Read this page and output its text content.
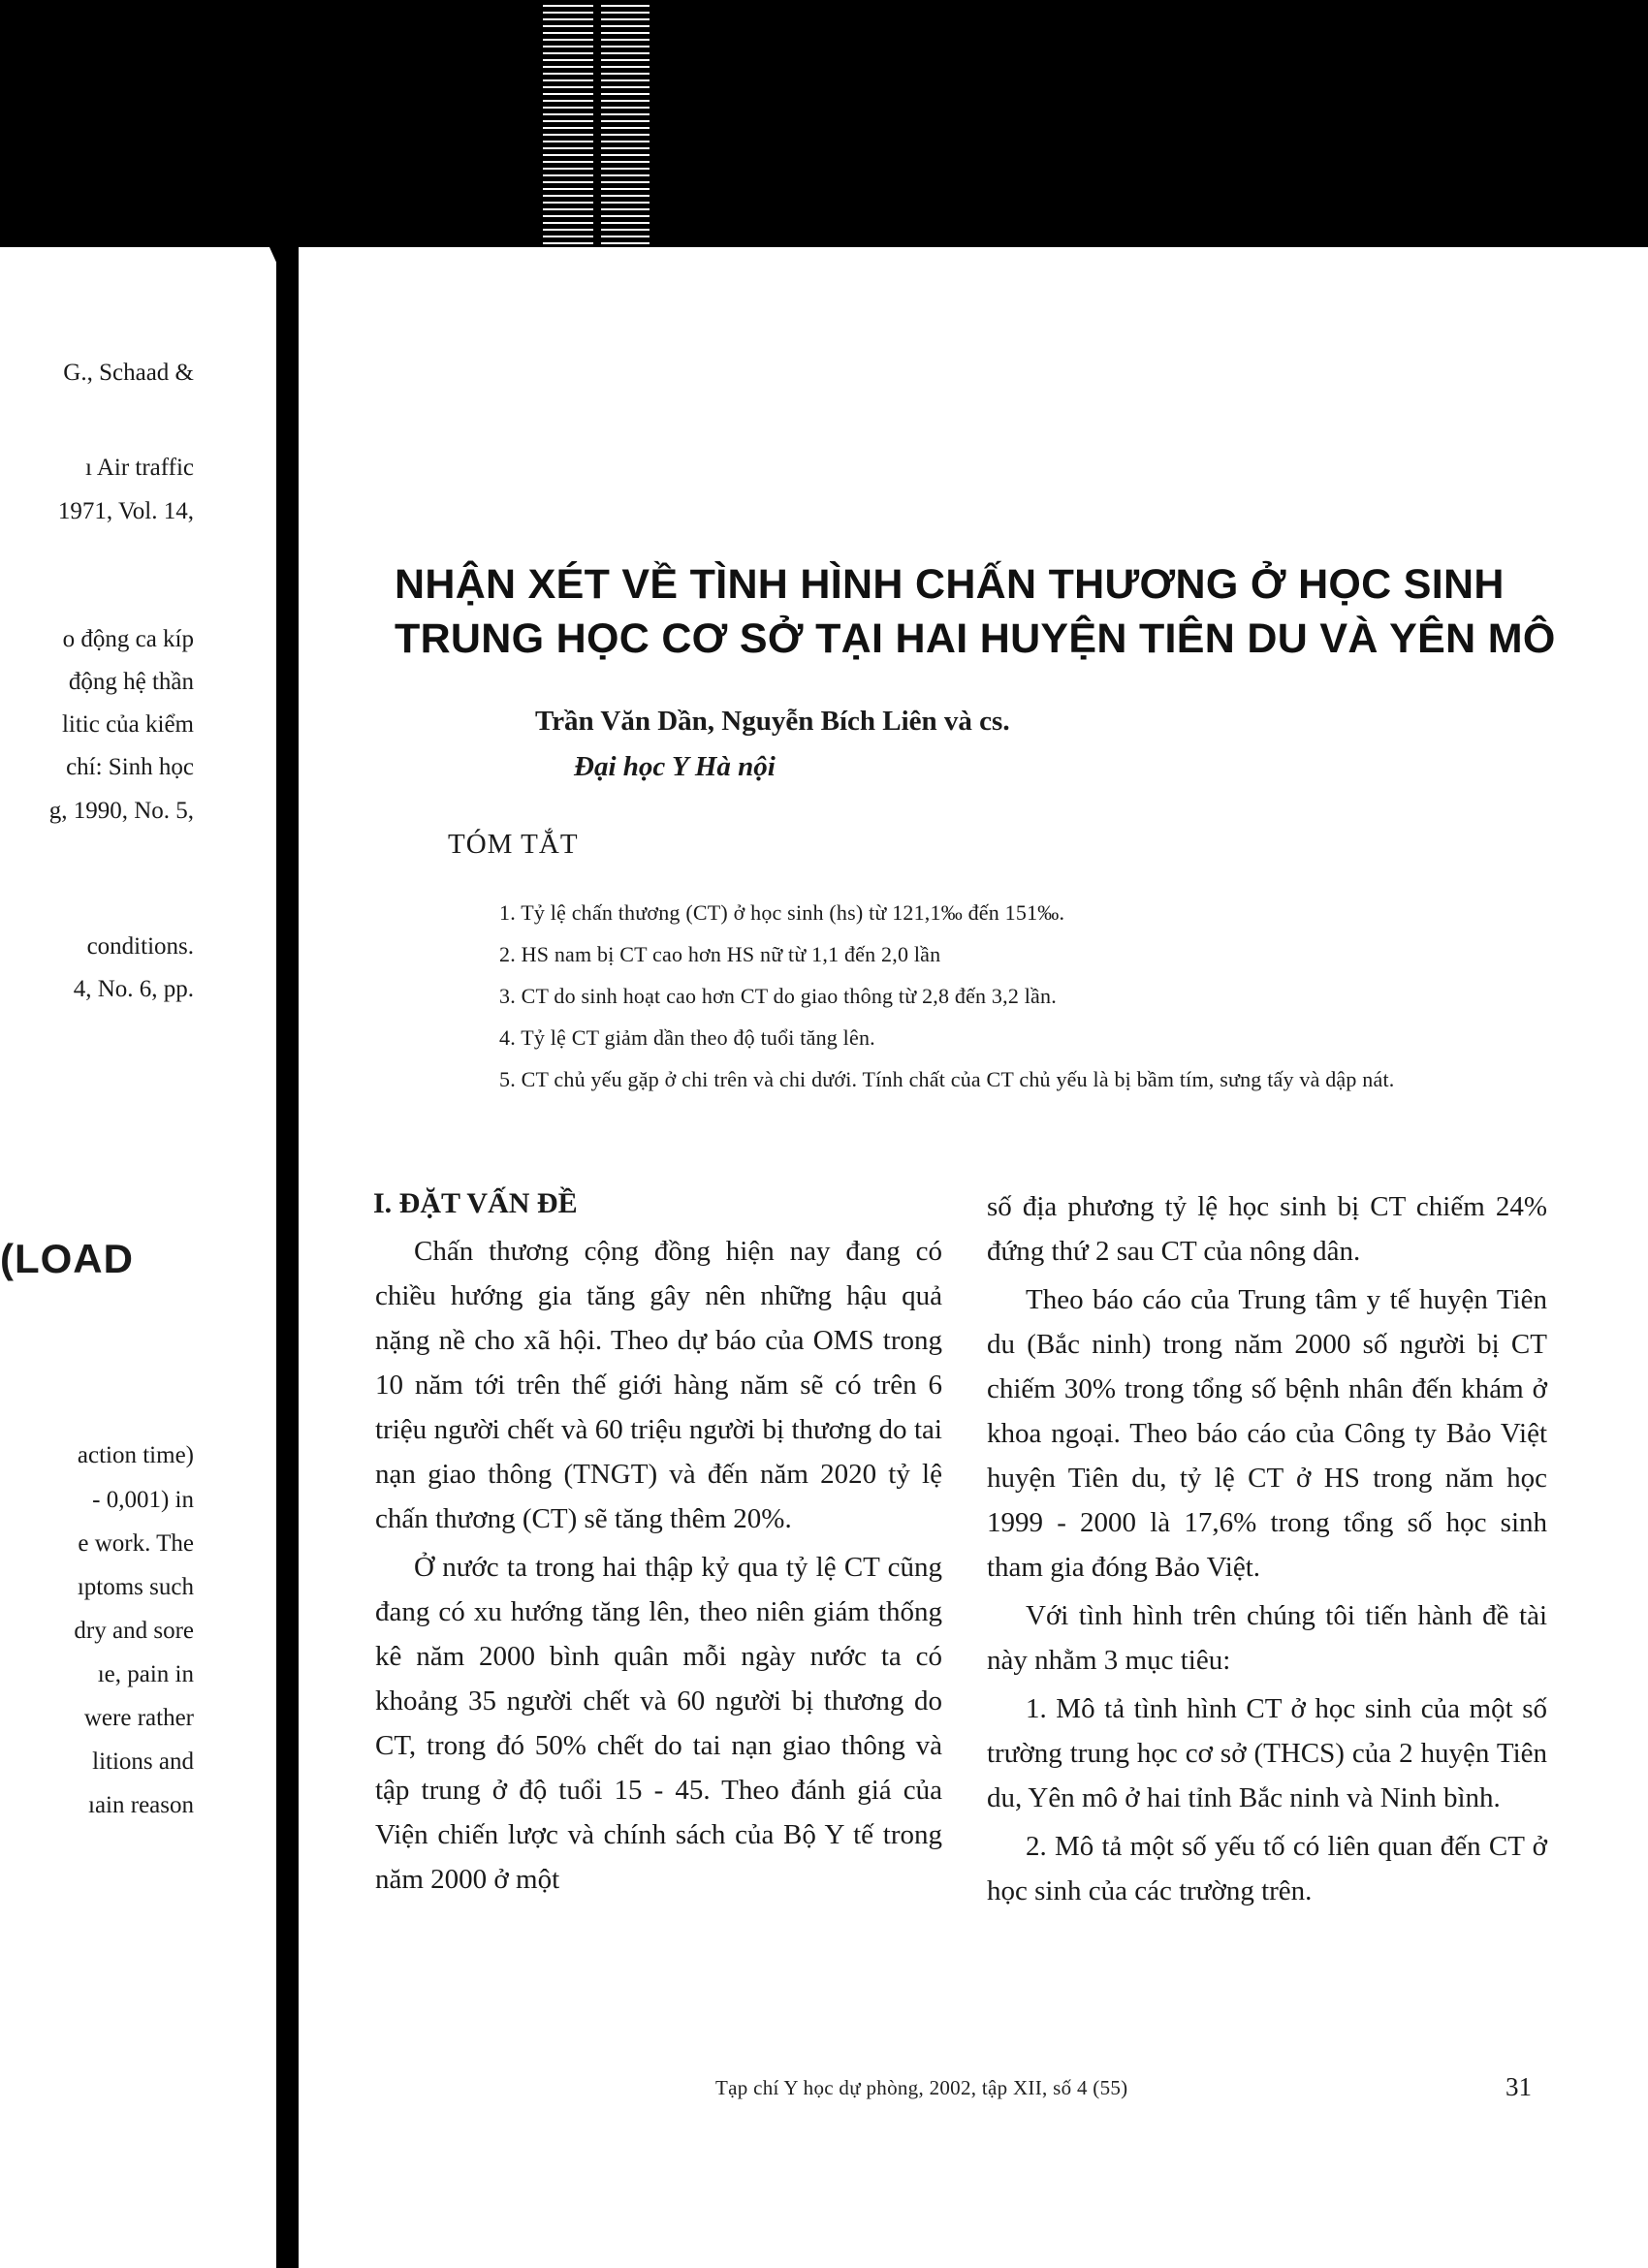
G., Schaad &
ı Air traffic
1971, Vol. 14,
o động ca kíp
động hệ thần
litic của kiểm
chí: Sinh học
g, 1990, No. 5,
conditions.
4, No. 6, pp.
(LOAD
action time)
- 0,001) in
e work. The
ıptoms such
dry and sore
ıe, pain in
were rather
litions and
ıain reason
NHẬN XÉT VỀ TÌNH HÌNH CHẤN THƯƠNG Ở HỌC SINH
TRUNG HỌC CƠ SỞ TẠI HAI HUYỆN TIÊN DU VÀ YÊN MÔ
Trần Văn Dần, Nguyễn Bích Liên và cs.
Đại học Y Hà nội
TÓM TẮT
1. Tỷ lệ chấn thương (CT) ở học sinh (hs) từ 121,1‰ đến 151‰.
2. HS nam bị CT cao hơn HS nữ từ 1,1 đến 2,0 lần
3. CT do sinh hoạt cao hơn CT do giao thông từ 2,8 đến 3,2 lần.
4. Tỷ lệ CT giảm dần theo độ tuổi tăng lên.
5. CT chủ yếu gặp ở chi trên và chi dưới. Tính chất của CT chủ yếu là bị bầm tím, sưng tấy và dập nát.
I. ĐẶT VẤN ĐỀ

Chấn thương cộng đồng hiện nay đang có chiều hướng gia tăng gây nên những hậu quả nặng nề cho xã hội. Theo dự báo của OMS trong 10 năm tới trên thế giới hàng năm sẽ có trên 6 triệu người chết và 60 triệu người bị thương do tai nạn giao thông (TNGT) và đến năm 2020 tỷ lệ chấn thương (CT) sẽ tăng thêm 20%.

Ở nước ta trong hai thập kỷ qua tỷ lệ CT cũng đang có xu hướng tăng lên, theo niên giám thống kê năm 2000 bình quân mỗi ngày nước ta có khoảng 35 người chết và 60 người bị thương do CT, trong đó 50% chết do tai nạn giao thông và tập trung ở độ tuổi 15 - 45. Theo đánh giá của Viện chiến lược và chính sách của Bộ Y tế trong năm 2000 ở một

số địa phương tỷ lệ học sinh bị CT chiếm 24% đứng thứ 2 sau CT của nông dân.

Theo báo cáo của Trung tâm y tế huyện Tiên du (Bắc ninh) trong năm 2000 số người bị CT chiếm 30% trong tổng số bệnh nhân đến khám ở khoa ngoại. Theo báo cáo của Công ty Bảo Việt huyện Tiên du, tỷ lệ CT ở HS trong năm học 1999 - 2000 là 17,6% trong tổng số học sinh tham gia đóng Bảo Việt.

Với tình hình trên chúng tôi tiến hành đề tài này nhằm 3 mục tiêu:

1. Mô tả tình hình CT ở học sinh của một số trường trung học cơ sở (THCS) của 2 huyện Tiên du, Yên mô ở hai tỉnh Bắc ninh và Ninh bình.

2. Mô tả một số yếu tố có liên quan đến CT ở học sinh của các trường trên.

Tạp chí Y học dự phòng, 2002, tập XII, số 4 (55)	31
